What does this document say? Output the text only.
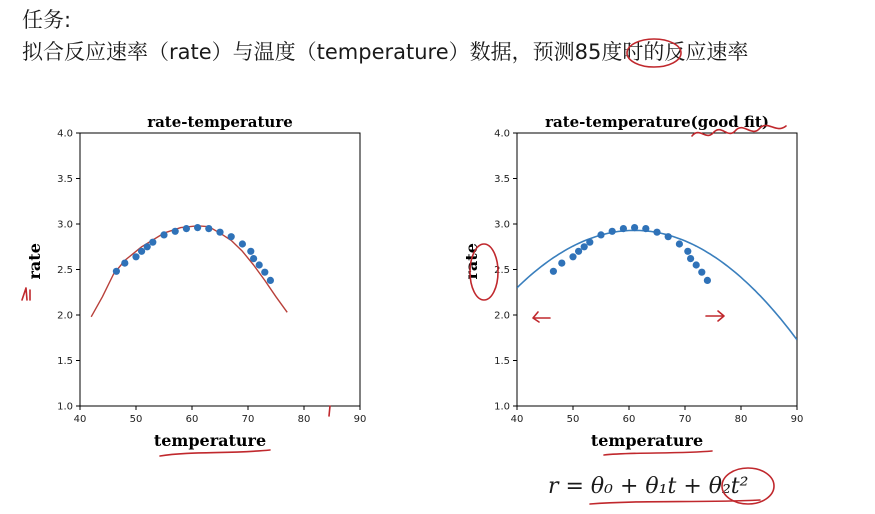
任务:

拟合反应速率（rate）与温度（temperature）数据，预测85度时的反应速率

rate-temperature
40	50	60	70	80	90
1.0
1.5
2.0
2.5
3.0
3.5
4.0
temperature
rate
rate-temperature(good fit)
40	50	60	70	80	90
1.0
1.5
2.0
2.5
3.0
3.5
4.0
temperature
rate
r = θ₀ + θ₁t + θ₂t²
